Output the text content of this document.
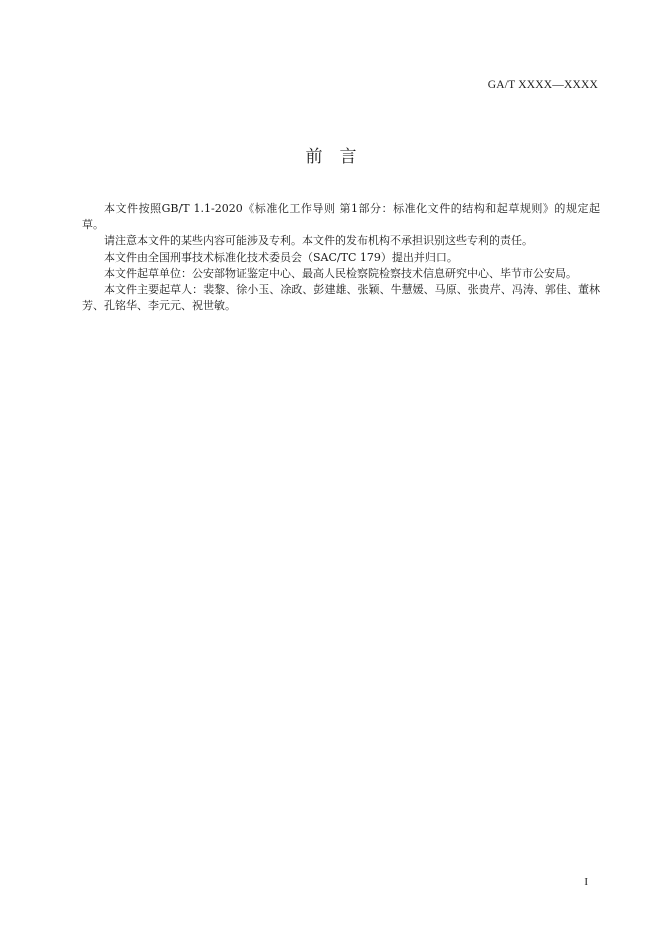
GA/T XXXX—XXXX
前　言

本文件按照GB/T 1.1-2020《标准化工作导则 第1部分：标准化文件的结构和起草规则》的规定起草。

请注意本文件的某些内容可能涉及专利。本文件的发布机构不承担识别这些专利的责任。

本文件由全国刑事技术标准化技术委员会（SAC/TC 179）提出并归口。

本文件起草单位：公安部物证鉴定中心、最高人民检察院检察技术信息研究中心、毕节市公安局。

本文件主要起草人：裴黎、徐小玉、凃政、彭建雄、张颖、牛慧媛、马原、张贵芹、冯涛、郭佳、董林芳、孔铭华、李元元、祝世敏。

I
